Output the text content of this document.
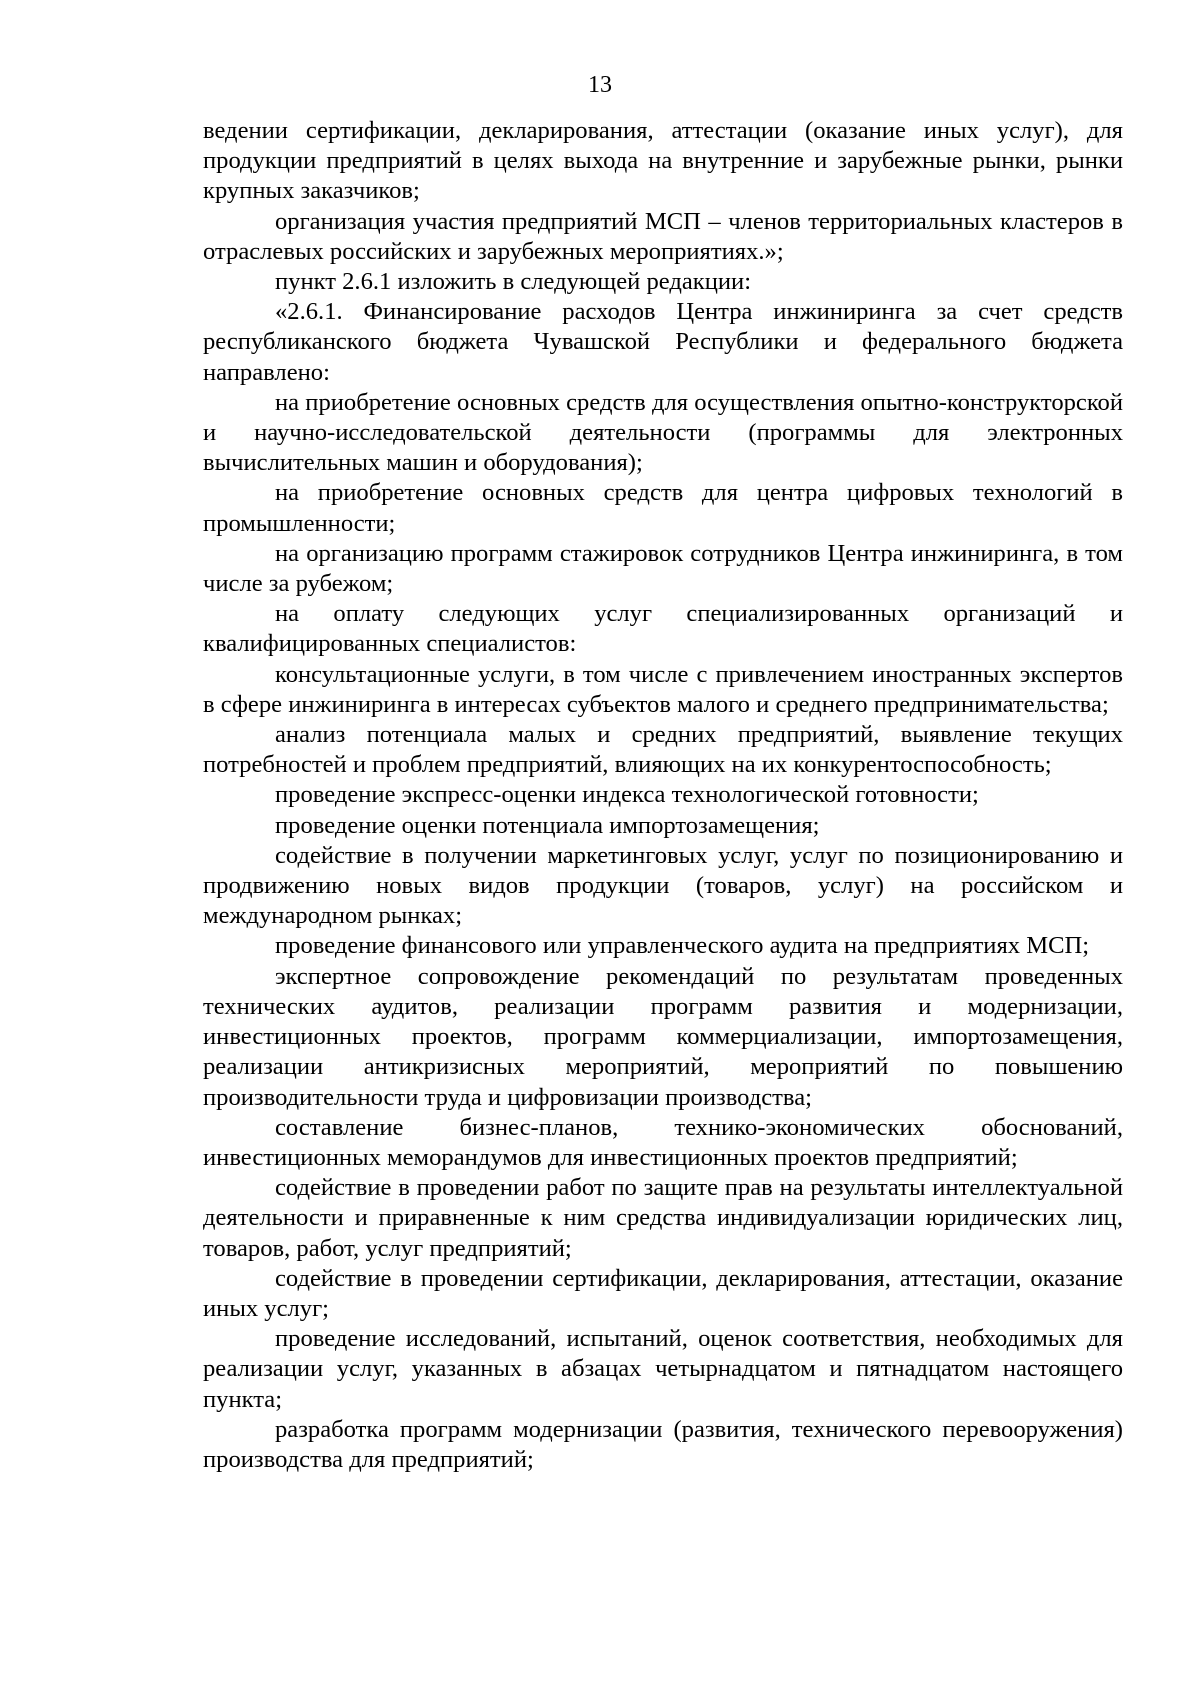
13

ведении сертификации, декларирования, аттестации (оказание иных услуг), для продукции предприятий в целях выхода на внутренние и зарубежные рынки, рынки крупных заказчиков;

организация участия предприятий МСП – членов территориальных кластеров в отраслевых российских и зарубежных мероприятиях.»;

пункт 2.6.1 изложить в следующей редакции:

«2.6.1. Финансирование расходов Центра инжиниринга за счет средств республиканского бюджета Чувашской Республики и федерального бюджета направлено:

на приобретение основных средств для осуществления опытно-конструкторской и научно-исследовательской деятельности (программы для электронных вычислительных машин и оборудования);

на приобретение основных средств для центра цифровых технологий в промышленности;

на организацию программ стажировок сотрудников Центра инжиниринга, в том числе за рубежом;

на оплату следующих услуг специализированных организаций и квалифицированных специалистов:

консультационные услуги, в том числе с привлечением иностранных экспертов в сфере инжиниринга в интересах субъектов малого и среднего предпринимательства;

анализ потенциала малых и средних предприятий, выявление текущих потребностей и проблем предприятий, влияющих на их конкурентоспособность;

проведение экспресс-оценки индекса технологической готовности;

проведение оценки потенциала импортозамещения;

содействие в получении маркетинговых услуг, услуг по позиционированию и продвижению новых видов продукции (товаров, услуг) на российском и международном рынках;

проведение финансового или управленческого аудита на предприятиях МСП;

экспертное сопровождение рекомендаций по результатам проведенных технических аудитов, реализации программ развития и модернизации, инвестиционных проектов, программ коммерциализации, импортозамещения, реализации антикризисных мероприятий, мероприятий по повышению производительности труда и цифровизации производства;

составление бизнес-планов, технико-экономических обоснований, инвестиционных меморандумов для инвестиционных проектов предприятий;

содействие в проведении работ по защите прав на результаты интеллектуальной деятельности и приравненные к ним средства индивидуализации юридических лиц, товаров, работ, услуг предприятий;

содействие в проведении сертификации, декларирования, аттестации, оказание иных услуг;

проведение исследований, испытаний, оценок соответствия, необходимых для реализации услуг, указанных в абзацах четырнадцатом и пятнадцатом настоящего пункта;

разработка программ модернизации (развития, технического перевооружения) производства для предприятий;
